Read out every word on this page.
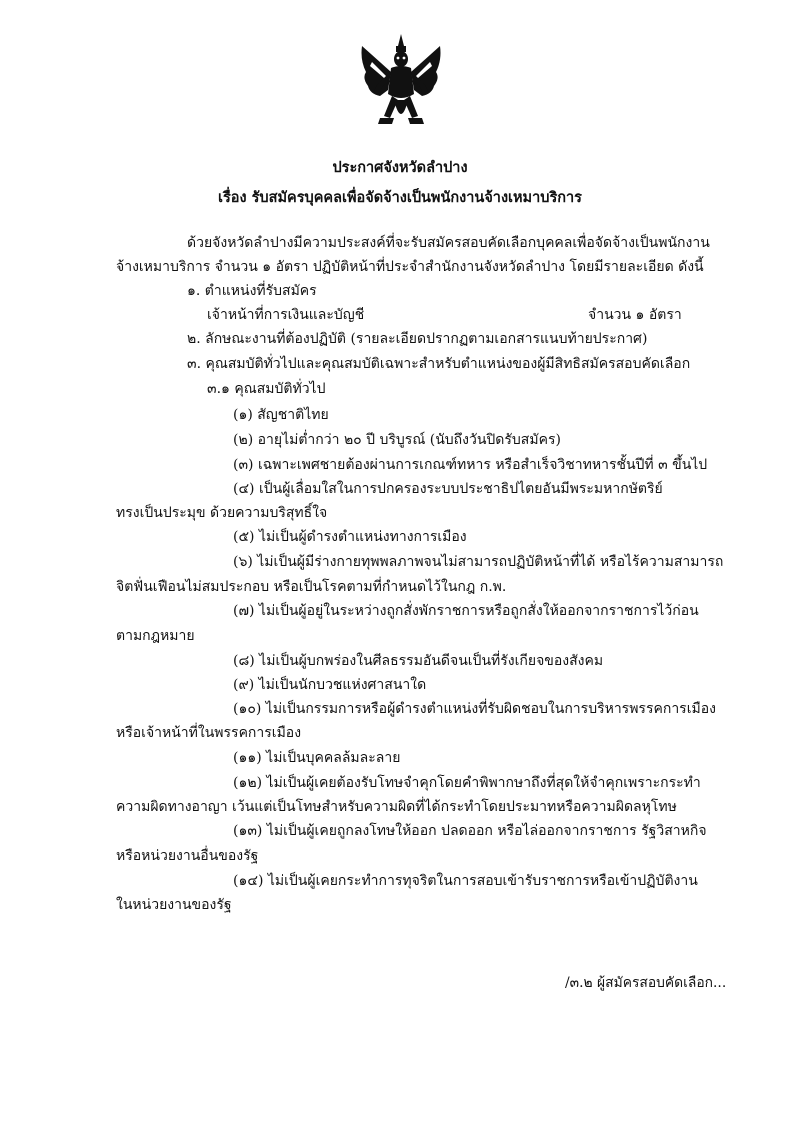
ประกาศจังหวัดลำปาง
เรื่อง รับสมัครบุคคลเพื่อจัดจ้างเป็นพนักงานจ้างเหมาบริการ
ด้วยจังหวัดลำปางมีความประสงค์ที่จะรับสมัครสอบคัดเลือกบุคคลเพื่อจัดจ้างเป็นพนักงาน
จ้างเหมาบริการ จำนวน ๑ อัตรา ปฏิบัติหน้าที่ประจำสำนักงานจังหวัดลำปาง โดยมีรายละเอียด ดังนี้
๑. ตำแหน่งที่รับสมัคร
เจ้าหน้าที่การเงินและบัญชี	จำนวน ๑ อัตรา
๒. ลักษณะงานที่ต้องปฏิบัติ (รายละเอียดปรากฏตามเอกสารแนบท้ายประกาศ)
๓. คุณสมบัติทั่วไปและคุณสมบัติเฉพาะสำหรับตำแหน่งของผู้มีสิทธิสมัครสอบคัดเลือก
๓.๑ คุณสมบัติทั่วไป
(๑) สัญชาติไทย
(๒) อายุไม่ต่ำกว่า ๒๐ ปี บริบูรณ์ (นับถึงวันปิดรับสมัคร)
(๓) เฉพาะเพศชายต้องผ่านการเกณฑ์ทหาร หรือสำเร็จวิชาทหารชั้นปีที่ ๓ ขึ้นไป
(๔) เป็นผู้เลื่อมใสในการปกครองระบบประชาธิปไตยอันมีพระมหากษัตริย์
ทรงเป็นประมุข ด้วยความบริสุทธิ์ใจ
(๕) ไม่เป็นผู้ดำรงตำแหน่งทางการเมือง
(๖) ไม่เป็นผู้มีร่างกายทุพพลภาพจนไม่สามารถปฏิบัติหน้าที่ได้ หรือไร้ความสามารถ
จิตฟั่นเฟือนไม่สมประกอบ หรือเป็นโรคตามที่กำหนดไว้ในกฎ ก.พ.
(๗) ไม่เป็นผู้อยู่ในระหว่างถูกสั่งพักราชการหรือถูกสั่งให้ออกจากราชการไว้ก่อน
ตามกฎหมาย
(๘) ไม่เป็นผู้บกพร่องในศีลธรรมอันดีจนเป็นที่รังเกียจของสังคม
(๙) ไม่เป็นนักบวชแห่งศาสนาใด
(๑๐) ไม่เป็นกรรมการหรือผู้ดำรงตำแหน่งที่รับผิดชอบในการบริหารพรรคการเมือง
หรือเจ้าหน้าที่ในพรรคการเมือง
(๑๑) ไม่เป็นบุคคลล้มละลาย
(๑๒) ไม่เป็นผู้เคยต้องรับโทษจำคุกโดยคำพิพากษาถึงที่สุดให้จำคุกเพราะกระทำ
ความผิดทางอาญา เว้นแต่เป็นโทษสำหรับความผิดที่ได้กระทำโดยประมาทหรือความผิดลหุโทษ
(๑๓) ไม่เป็นผู้เคยถูกลงโทษให้ออก ปลดออก หรือไล่ออกจากราชการ รัฐวิสาหกิจ
หรือหน่วยงานอื่นของรัฐ
(๑๔) ไม่เป็นผู้เคยกระทำการทุจริตในการสอบเข้ารับราชการหรือเข้าปฏิบัติงาน
ในหน่วยงานของรัฐ
/๓.๒ ผู้สมัครสอบคัดเลือก...
